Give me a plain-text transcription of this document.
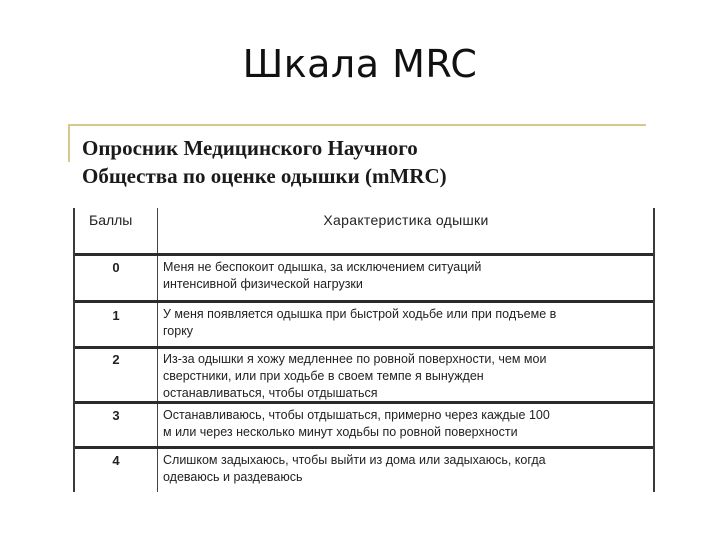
Шкала MRC
Опросник Медицинского Научного
Общества по оценке одышки (mMRC)
Баллы	Характеристика одышки
0	Меня не беспокоит одышка, за исключением ситуаций
интенсивной физической нагрузки
1	У меня появляется одышка при быстрой ходьбе или при подъеме в
горку
2	Из-за одышки я хожу медленнее по ровной поверхности, чем мои
сверстники, или при ходьбе в своем темпе я вынужден
останавливаться, чтобы отдышаться
3	Останавливаюсь, чтобы отдышаться, примерно через каждые 100
м или через несколько минут ходьбы по ровной поверхности
4	Слишком задыхаюсь, чтобы выйти из дома или задыхаюсь, когда
одеваюсь и раздеваюсь
